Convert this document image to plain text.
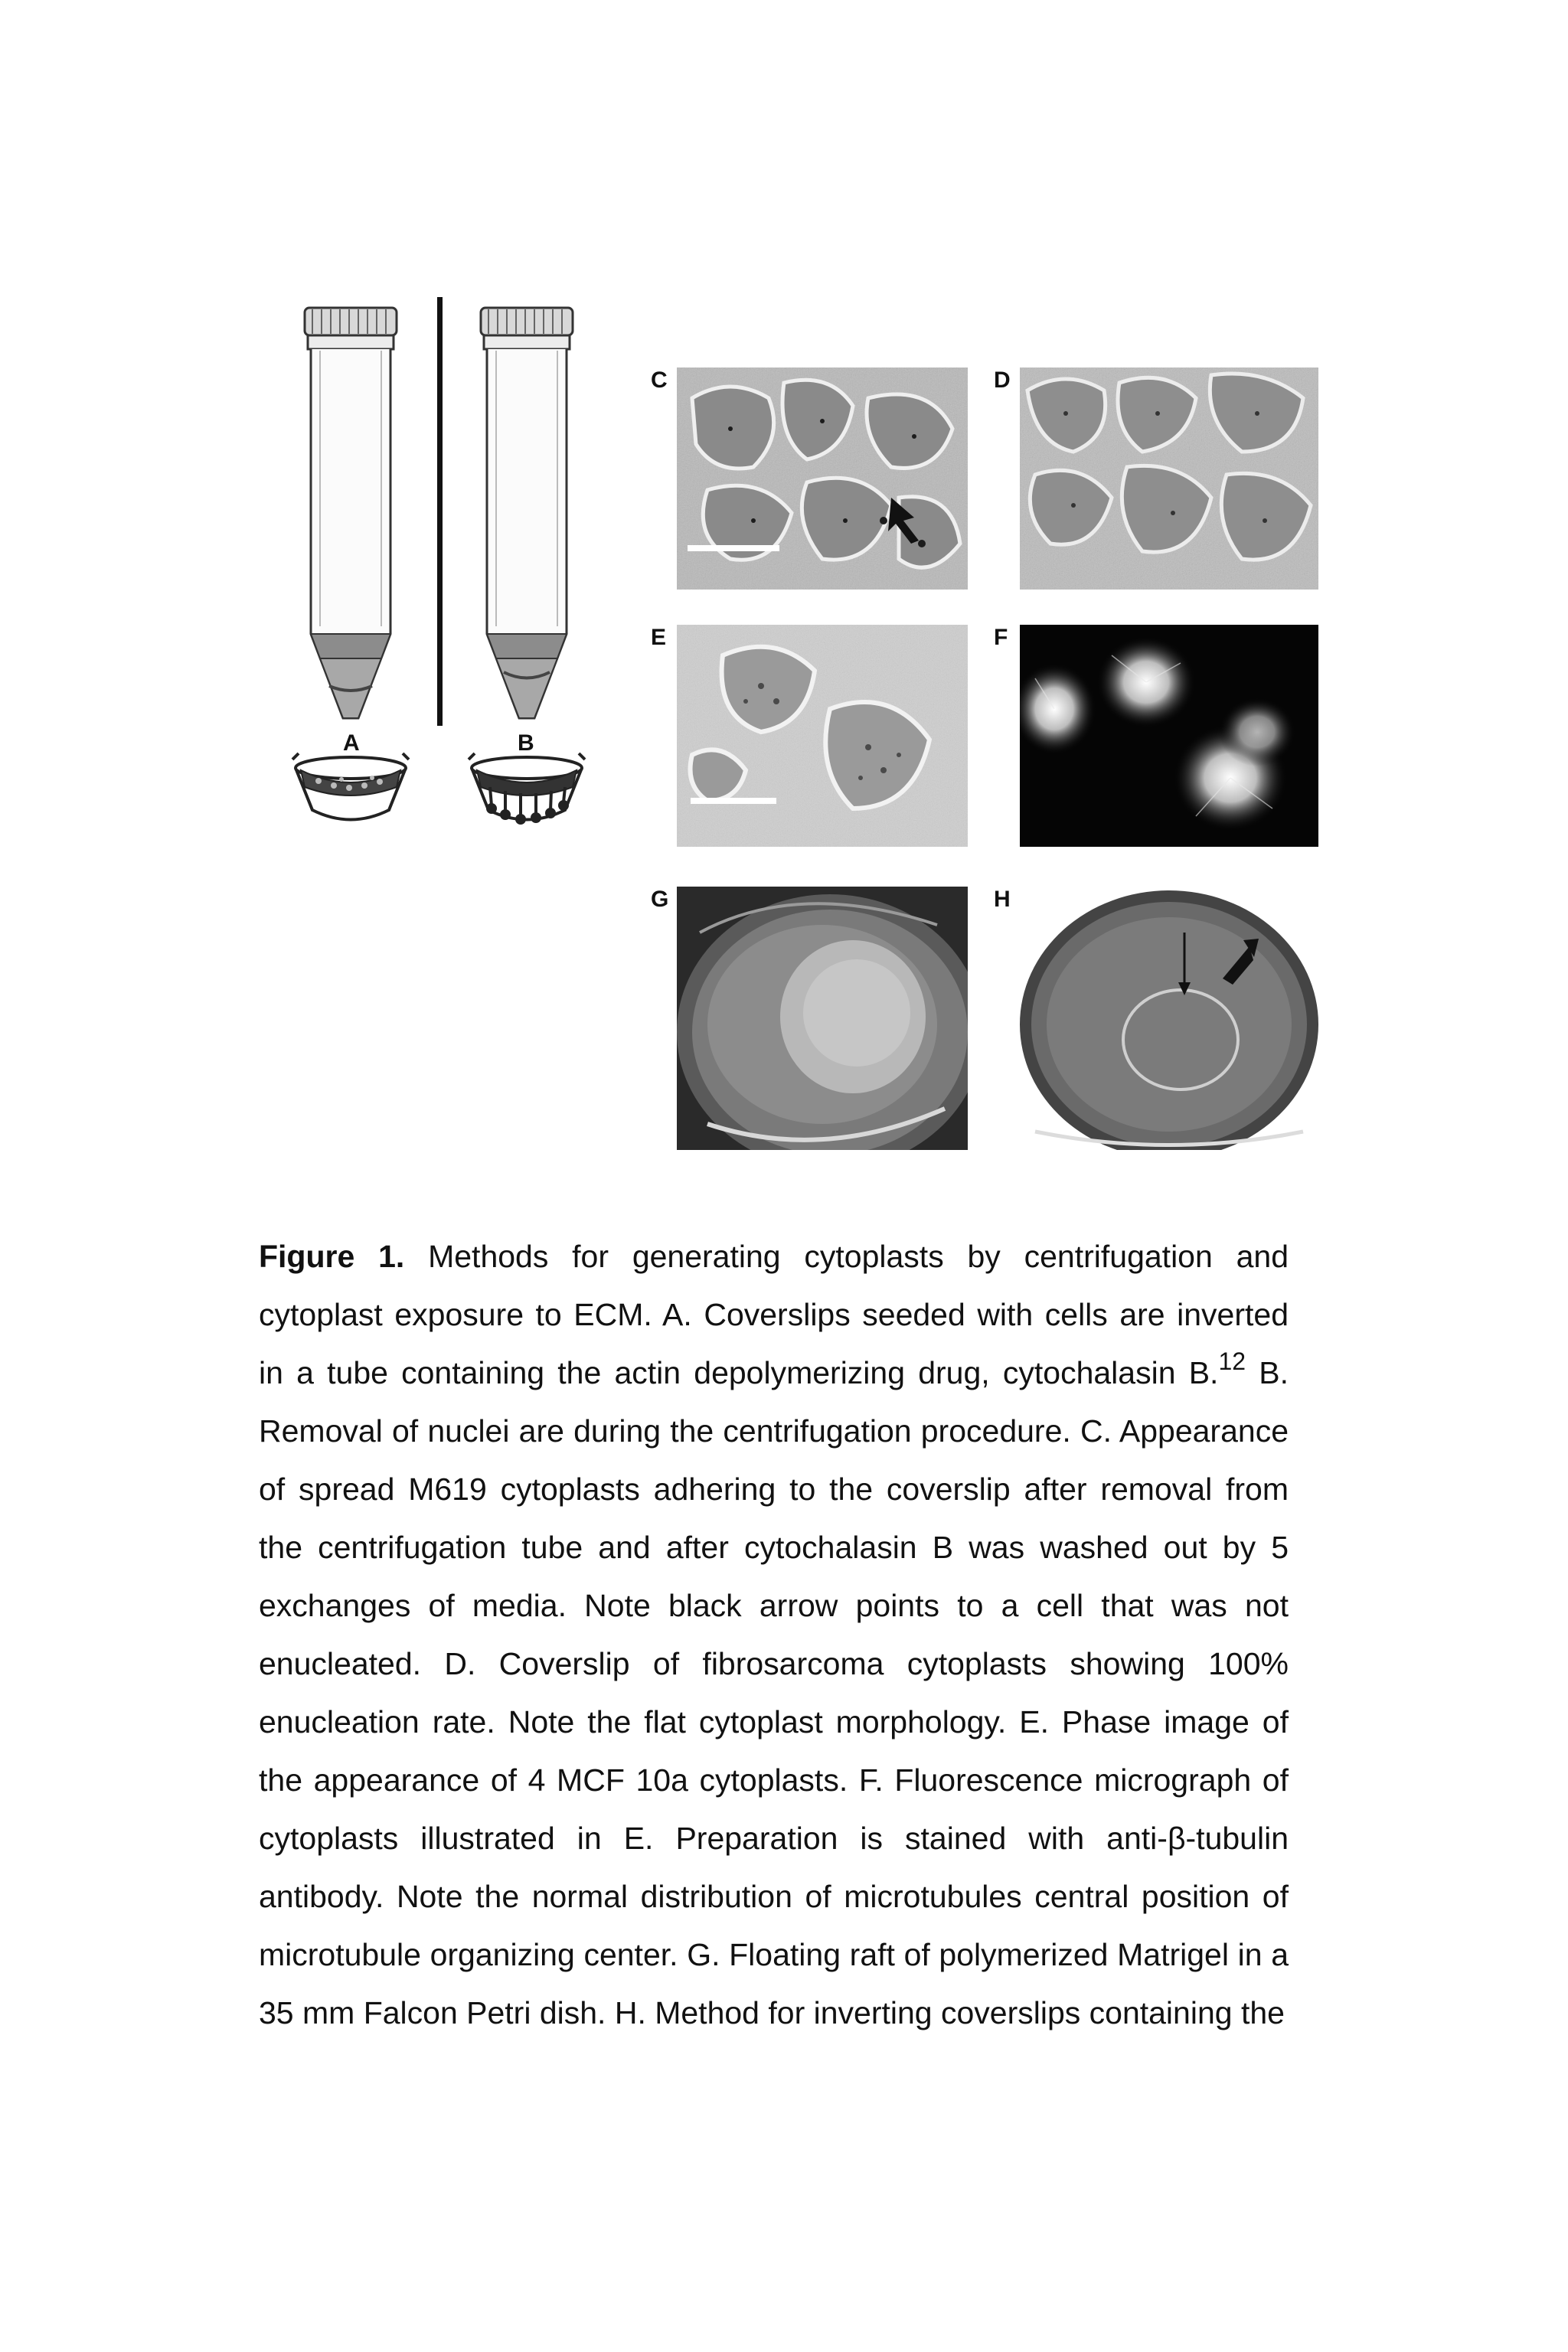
A	B
C	D
E	F
G	H

Figure 1. Methods for generating cytoplasts by centrifugation and cytoplast exposure to ECM. A. Coverslips seeded with cells are inverted in a tube containing the actin depolymerizing drug, cytochalasin B.$^{12}$ B. Removal of nuclei are during the centrifugation procedure. C. Appearance of spread M619 cytoplasts adhering to the coverslip after removal from the centrifugation tube and after cytochalasin B was washed out by 5 exchanges of media. Note black arrow points to a cell that was not enucleated. D. Coverslip of fibrosarcoma cytoplasts showing 100% enucleation rate. Note the flat cytoplast morphology. E. Phase image of the appearance of 4 MCF 10a cytoplasts. F. Fluorescence micrograph of cytoplasts illustrated in E. Preparation is stained with anti-β-tubulin antibody. Note the normal distribution of microtubules central position of microtubule organizing center. G. Floating raft of polymerized Matrigel in a 35 mm Falcon Petri dish. H. Method for inverting coverslips containing the
